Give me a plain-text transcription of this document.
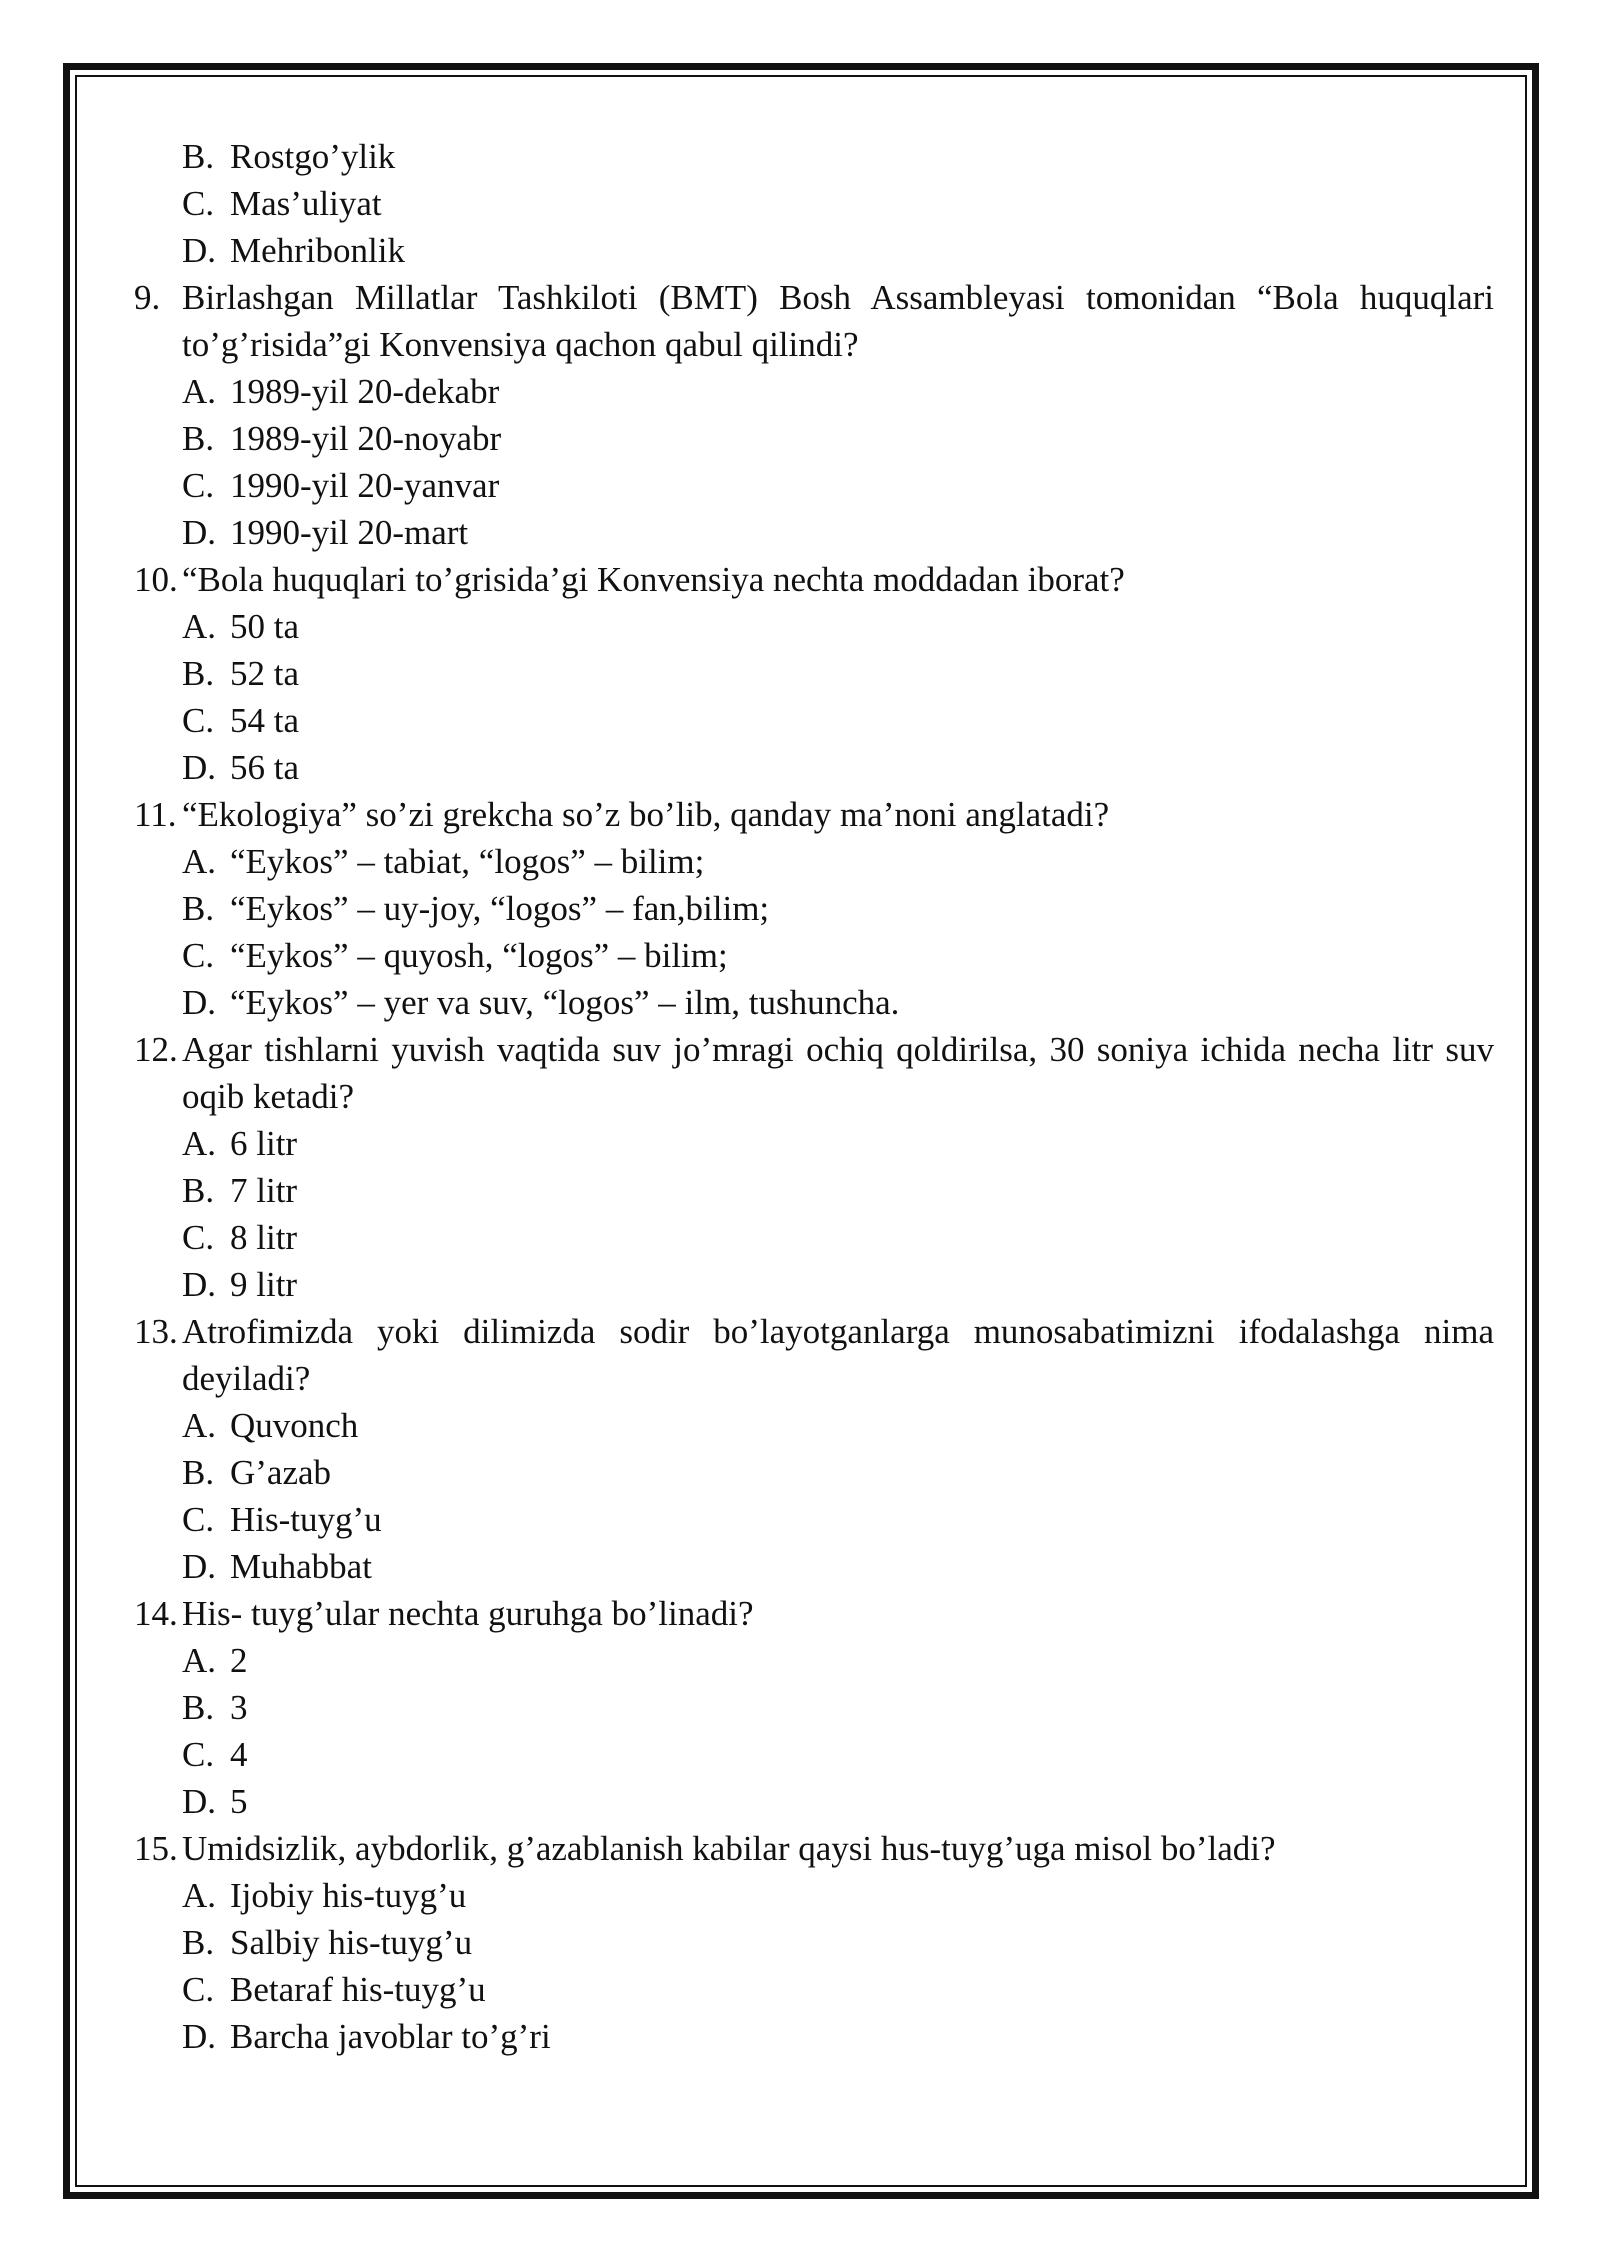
B. Rostgo’ylik
C. Mas’uliyat
D. Mehribonlik
9. Birlashgan Millatlar Tashkiloti (BMT) Bosh Assambleyasi tomonidan “Bola huquqlari to’g’risida”gi Konvensiya qachon qabul qilindi?
A. 1989-yil 20-dekabr
B. 1989-yil 20-noyabr
C. 1990-yil 20-yanvar
D. 1990-yil 20-mart
10. “Bola huquqlari to’grisida’gi Konvensiya nechta moddadan iborat?
A. 50 ta
B. 52 ta
C. 54 ta
D. 56 ta
11. “Ekologiya” so’zi grekcha so’z bo’lib, qanday ma’noni anglatadi?
A. “Eykos” – tabiat, “logos” – bilim;
B. “Eykos” – uy-joy, “logos” – fan,bilim;
C. “Eykos” – quyosh, “logos” – bilim;
D. “Eykos” – yer va suv, “logos” – ilm, tushuncha.
12. Agar tishlarni yuvish vaqtida suv jo’mragi ochiq qoldirilsa, 30 soniya ichida necha litr suv oqib ketadi?
A. 6 litr
B. 7 litr
C. 8 litr
D. 9 litr
13. Atrofimizda yoki dilimizda sodir bo’layotganlarga munosabatimizni ifodalashga nima deyiladi?
A. Quvonch
B. G’azab
C. His-tuyg’u
D. Muhabbat
14. His- tuyg’ular nechta guruhga bo’linadi?
A. 2
B. 3
C. 4
D. 5
15. Umidsizlik, aybdorlik, g’azablanish kabilar qaysi hus-tuyg’uga misol bo’ladi?
A. Ijobiy his-tuyg’u
B. Salbiy his-tuyg’u
C. Betaraf his-tuyg’u
D. Barcha javoblar to’g’ri
